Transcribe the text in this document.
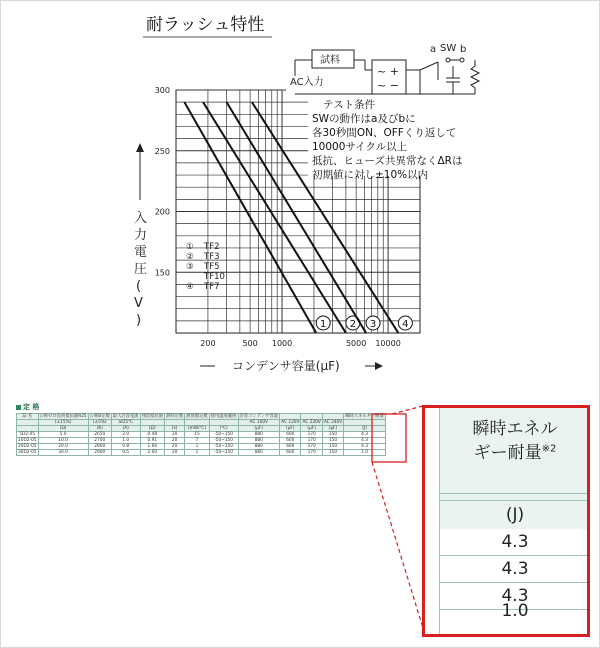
耐ラッシュ特性
1 2 3	4
200	500 1000	5000 10000
300
250
200
150
入力電圧( V )
コンデンサ容量(μF)
① TF2
② TF3
③ TF5
TF10
④ TF7
AC入力
試料
~ +
~ −
SW
a b
テスト条件
SWの動作はa及びbに
各30秒間ON、OFFくり返して
10000サイクル以上
抵抗、ヒューズ共異常なくΔRは
初期値に対し±10%以内
定 格
品 名	公称ゼロ負荷抵抗値R25	公称B定数	最大許容電流	残留抵抗値	熱時定数	熱放散定数	使用温度範囲	許容コンデンサ容量				瞬時エネルギー耐量
	(±15%)	(±5%)	at25℃					AC 100V	AC 120V	AC 220V	AC 240V	
	(Ω)	(K)	(A)	(Ω)	(s)	(mW/℃)	(℃)	(μF)	(μF)	(μF)	(μF)	(J)
5D2-05	5.0	2650	2.0	0.48	20	15	-50~150	880	600	170	150	4.3
10D2-05	10.0	2700	1.0	0.91	20	7	-50~150	880	600	170	150	4.3
20D2-05	20.0	2800	0.8	1.66	20	1	-50~150	880	600	170	150	4.3
30D2-05	30.0	2900	0.5	2.00	20	1	-50~150	880	600	170	150	1.0
瞬時エネル
ギー耐量$^{※2}$
(J)
4.3
4.3
4.3
1.0
